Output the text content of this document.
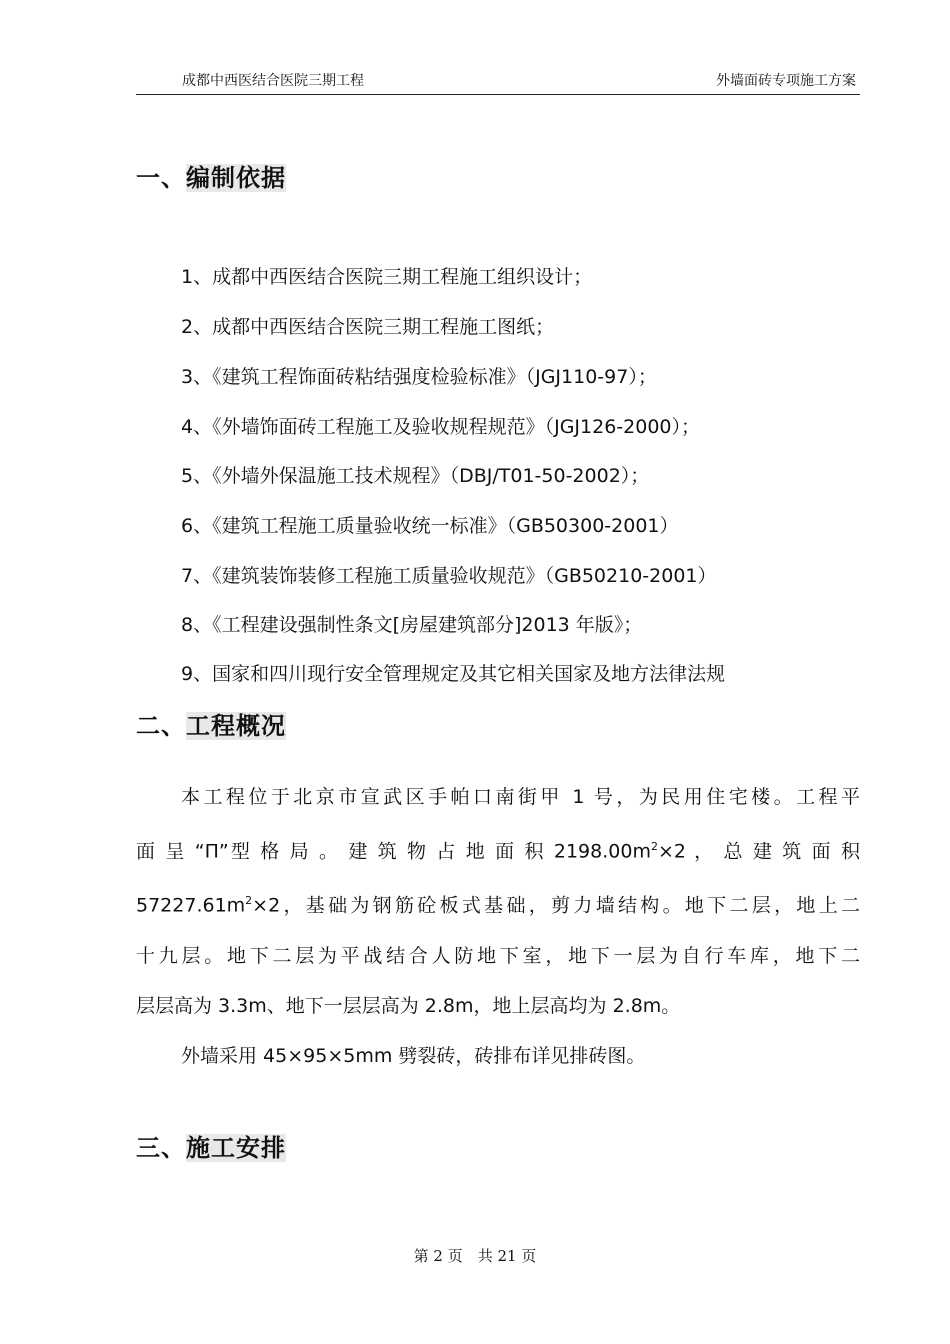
成都中西医结合医院三期工程	外墙面砖专项施工方案
一、编制依据
1、成都中西医结合医院三期工程施工组织设计；
2、成都中西医结合医院三期工程施工图纸；
3、《建筑工程饰面砖粘结强度检验标准》（JGJ110-97）；
4、《外墙饰面砖工程施工及验收规程规范》（JGJ126-2000）；
5、《外墙外保温施工技术规程》（DBJ/T01-50-2002）；
6、《建筑工程施工质量验收统一标准》（GB50300-2001）
7、《建筑装饰装修工程施工质量验收规范》（GB50210-2001）
8、《工程建设强制性条文[房屋建筑部分]2013 年版》；
9、国家和四川现行安全管理规定及其它相关国家及地方法律法规
二、工程概况

本工程位于北京市宣武区手帕口南街甲 1 号，为民用住宅楼。工程平

面 呈 “Π”型 格 局 。 建 筑 物 占 地 面 积 $2198.00m^2\times 2$ ， 总 建 筑 面 积

$57227.61m^2\times 2$，基础为钢筋砼板式基础，剪力墙结构。地下二层，地上二

十九层。地下二层为平战结合人防地下室，地下一层为自行车库，地下二

层层高为 3.3m、地下一层层高为 2.8m，地上层高均为 2.8m。

外墙采用 45×95×5mm 劈裂砖，砖排布详见排砖图。

三、施工安排
第 2 页　共 21 页
